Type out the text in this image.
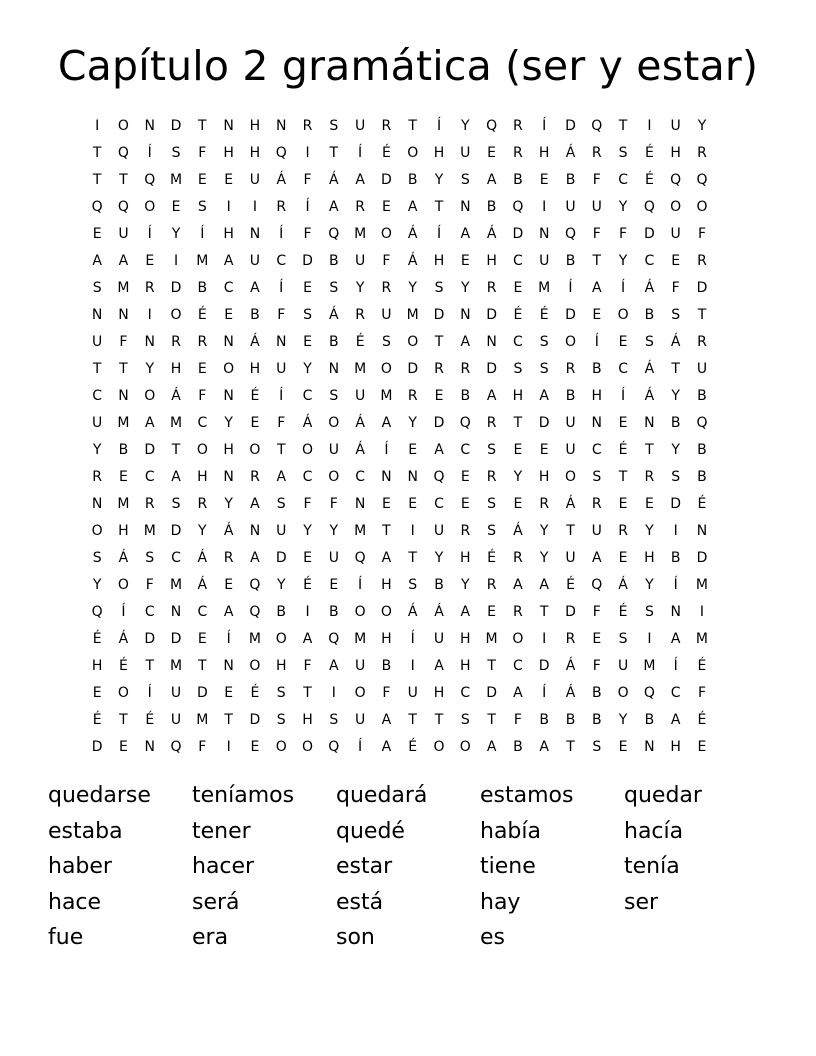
Capítulo 2 gramática (ser y estar)
I	O	N	D	T	N	H	N	R	S	U	R	T	Í	Y	Q	R	Í	D	Q	T	I	U	Y
T	Q	Í	S	F	H	H	Q	I	T	Í	É	O	H	U	E	R	H	Á	R	S	É	H	R
T	T	Q	M	E	E	U	Á	F	Á	A	D	B	Y	S	A	B	E	B	F	C	É	Q	Q
Q	Q	O	E	S	I	I	R	Í	A	R	E	A	T	N	B	Q	I	U	U	Y	Q	O	O
E	U	Í	Y	Í	H	N	Í	F	Q	M	O	Á	Í	A	Á	D	N	Q	F	F	D	U	F
A	A	E	I	M	A	U	C	D	B	U	F	Á	H	E	H	C	U	B	T	Y	C	E	R
S	M	R	D	B	C	A	Í	E	S	Y	R	Y	S	Y	R	E	M	Í	A	Í	Á	F	D
N	N	I	O	É	E	B	F	S	Á	R	U	M	D	N	D	É	É	D	E	O	B	S	T
U	F	N	R	R	N	Á	N	E	B	É	S	O	T	A	N	C	S	O	Í	E	S	Á	R
T	T	Y	H	E	O	H	U	Y	N	M	O	D	R	R	D	S	S	R	B	C	Á	T	U
C	N	O	Á	F	N	É	Í	C	S	U	M	R	E	B	A	H	A	B	H	Í	Á	Y	B
U	M	A	M	C	Y	E	F	Á	O	Á	A	Y	D	Q	R	T	D	U	N	E	N	B	Q
Y	B	D	T	O	H	O	T	O	U	Á	Í	E	A	C	S	E	E	U	C	É	T	Y	B
R	E	C	A	H	N	R	A	C	O	C	N	N	Q	E	R	Y	H	O	S	T	R	S	B
N	M	R	S	R	Y	A	S	F	F	N	E	E	C	E	S	E	R	Á	R	E	E	D	É
O	H	M	D	Y	Á	N	U	Y	Y	M	T	I	U	R	S	Á	Y	T	U	R	Y	I	N
S	Á	S	C	Á	R	A	D	E	U	Q	A	T	Y	H	É	R	Y	U	A	E	H	B	D
Y	O	F	M	Á	E	Q	Y	É	E	Í	H	S	B	Y	R	A	A	É	Q	Á	Y	Í	M
Q	Í	C	N	C	A	Q	B	I	B	O	O	Á	Á	A	E	R	T	D	F	É	S	N	I
É	Á	D	D	E	Í	M	O	A	Q	M	H	Í	U	H	M	O	I	R	E	S	I	A	M
H	É	T	M	T	N	O	H	F	A	U	B	I	A	H	T	C	D	Á	F	U	M	Í	É
E	O	Í	U	D	E	É	S	T	I	O	F	U	H	C	D	A	Í	Á	B	O	Q	C	F
É	T	É	U	M	T	D	S	H	S	U	A	T	T	S	T	F	B	B	B	Y	B	A	É
D	E	N	Q	F	I	E	O	O	Q	Í	A	É	O	O	A	B	A	T	S	E	N	H	E
quedarse	teníamos	quedará	estamos	quedar
estaba	tener	quedé	había	hacía
haber	hacer	estar	tiene	tenía
hace	será	está	hay	ser
fue	era	son	es
